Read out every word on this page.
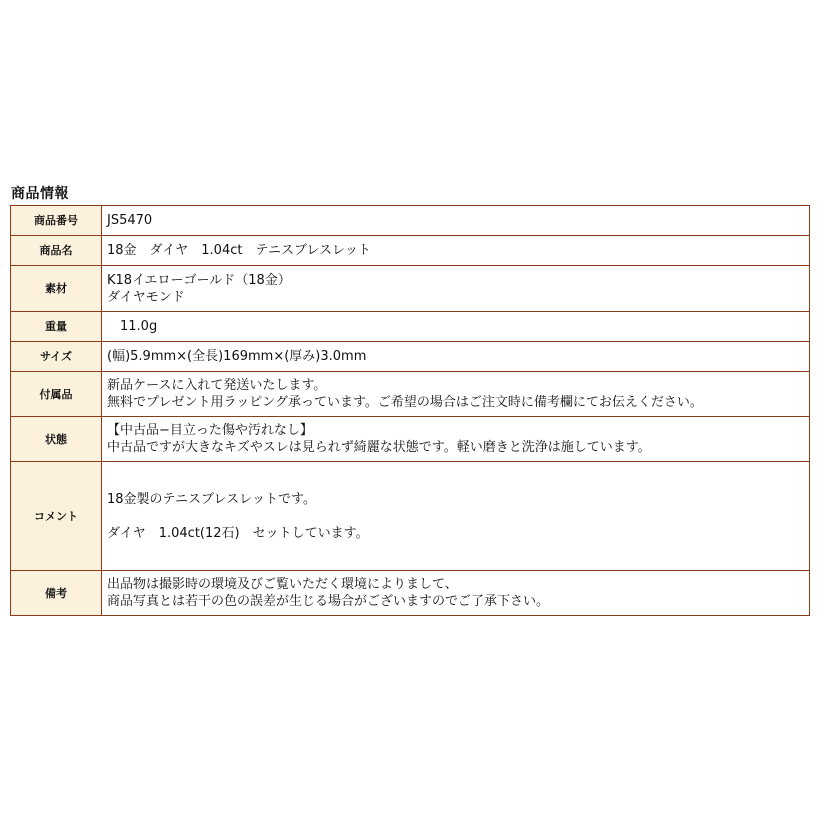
商品情報
商品番号	JS5470

商品名	18金　ダイヤ　1.04ct　テニスブレスレット

素材	K18イエローゴールド（18金）
ダイヤモンド

重量	　11.0g

サイズ	(幅)5.9mm×(全長)169mm×(厚み)3.0mm

付属品	新品ケースに入れて発送いたします。
無料でプレゼント用ラッピング承っています。ご希望の場合はご注文時に備考欄にてお伝えください。

状態	【中古品−目立った傷や汚れなし】
中古品ですが大きなキズやスレは見られず綺麗な状態です。軽い磨きと洗浄は施しています。

コメント	18金製のテニスブレスレットです。
ダイヤ　1.04ct(12石)　セットしています。

備考	出品物は撮影時の環境及びご覧いただく環境によりまして、
商品写真とは若干の色の誤差が生じる場合がございますのでご了承下さい。
